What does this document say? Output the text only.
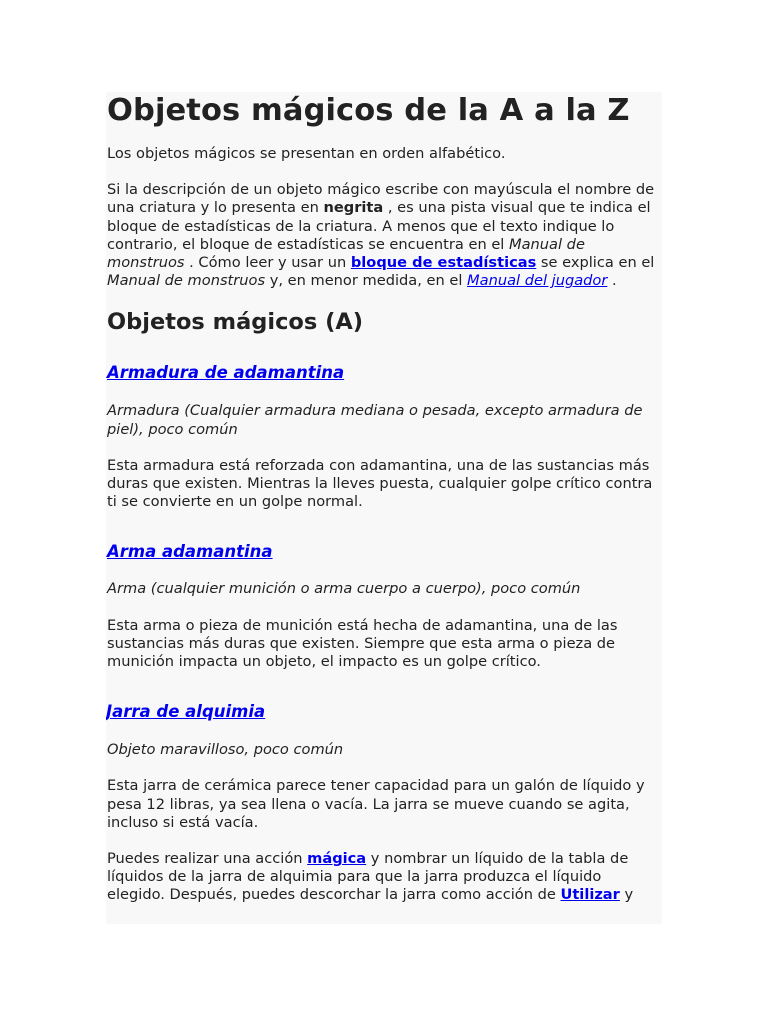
Objetos mágicos de la A a la Z

Los objetos mágicos se presentan en orden alfabético.

Si la descripción de un objeto mágico escribe con mayúscula el nombre de una criatura y lo presenta en negrita , es una pista visual que te indica el bloque de estadísticas de la criatura. A menos que el texto indique lo contrario, el bloque de estadísticas se encuentra en el Manual de monstruos . Cómo leer y usar un bloque de estadísticas se explica en el Manual de monstruos y, en menor medida, en el Manual del jugador .

Objetos mágicos (A)
Armadura de adamantina

Armadura (Cualquier armadura mediana o pesada, excepto armadura de piel), poco común

Esta armadura está reforzada con adamantina, una de las sustancias más duras que existen. Mientras la lleves puesta, cualquier golpe crítico contra ti se convierte en un golpe normal.

Arma adamantina

Arma (cualquier munición o arma cuerpo a cuerpo), poco común

Esta arma o pieza de munición está hecha de adamantina, una de las sustancias más duras que existen. Siempre que esta arma o pieza de munición impacta un objeto, el impacto es un golpe crítico.

Jarra de alquimia

Objeto maravilloso, poco común

Esta jarra de cerámica parece tener capacidad para un galón de líquido y pesa 12 libras, ya sea llena o vacía. La jarra se mueve cuando se agita, incluso si está vacía.

Puedes realizar una acción mágica y nombrar un líquido de la tabla de líquidos de la jarra de alquimia para que la jarra produzca el líquido elegido. Después, puedes descorchar la jarra como acción de Utilizar y
